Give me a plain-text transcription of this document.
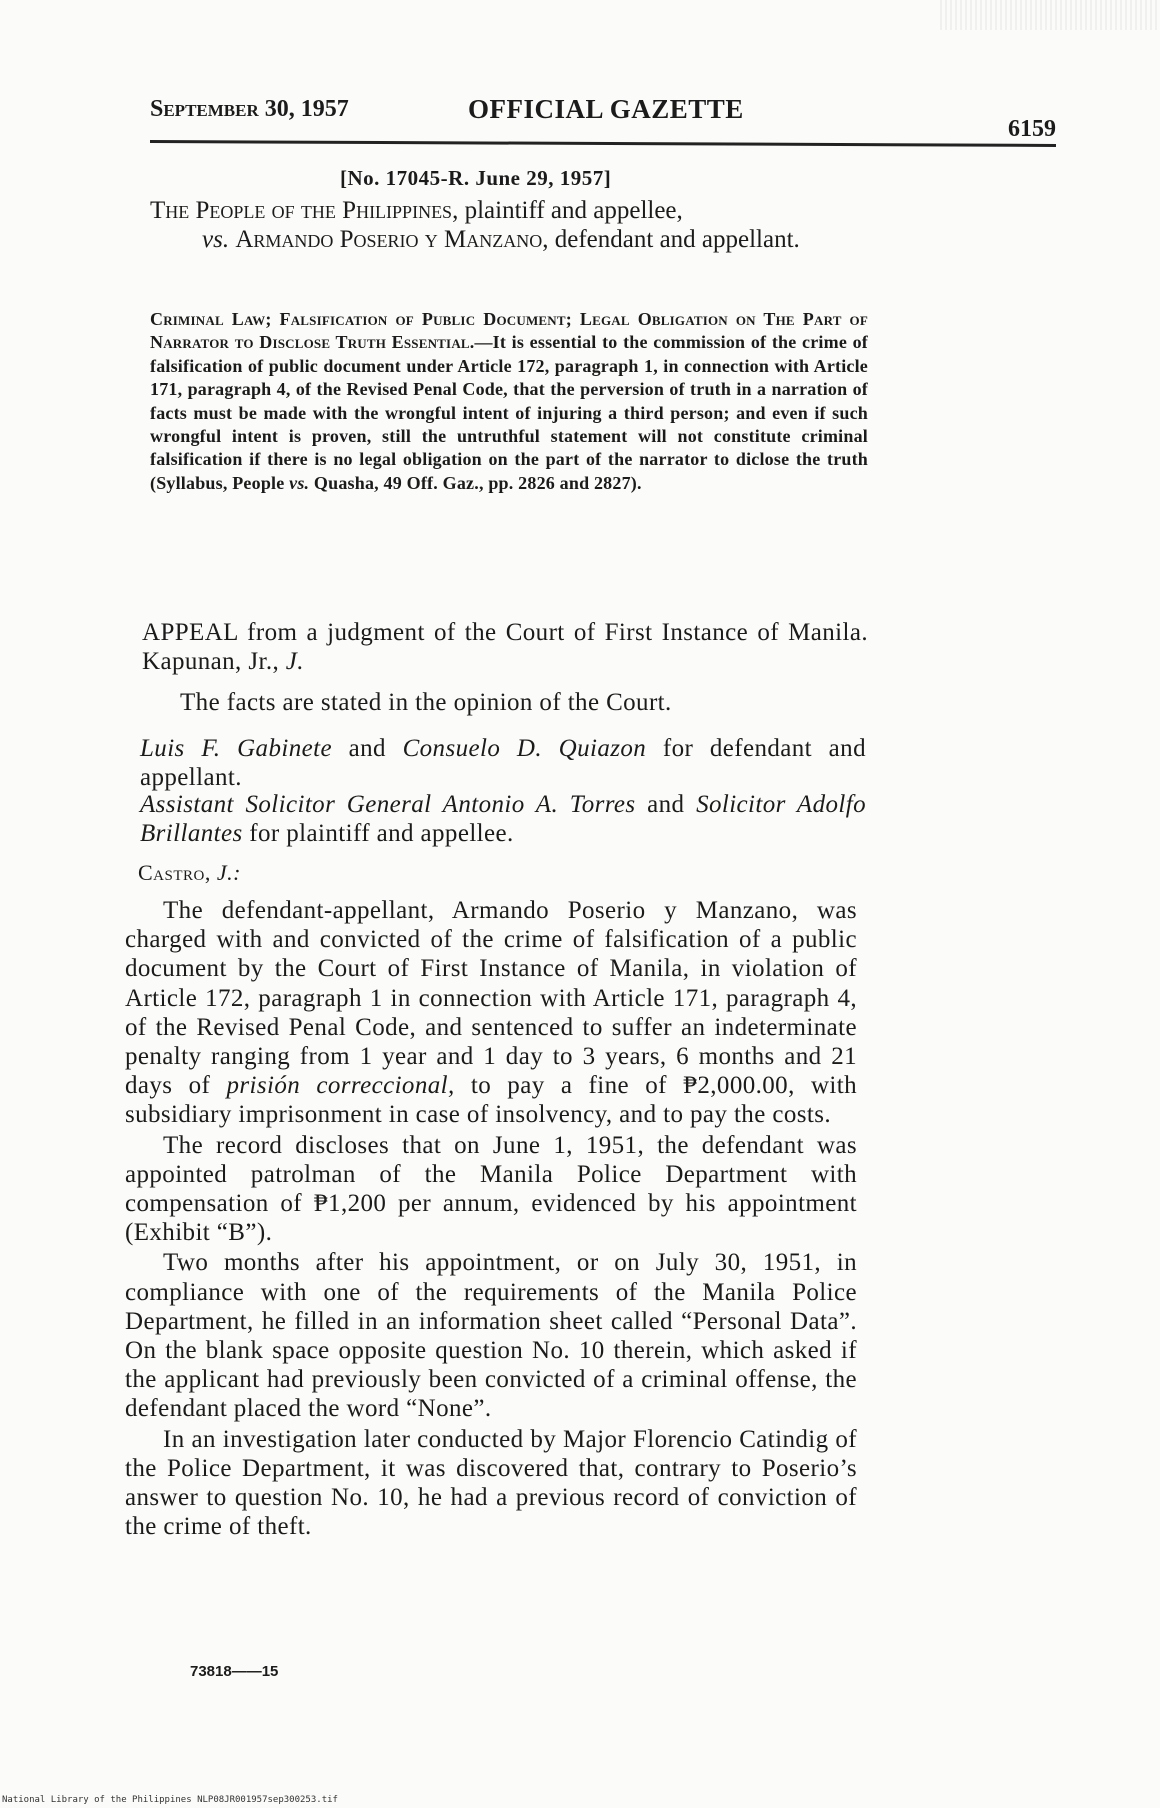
September 30, 1957	OFFICIAL GAZETTE
6159
[No. 17045-R. June 29, 1957]
The People of the Philippines, plaintiff and appellee,
vs. Armando Poserio y Manzano, defendant and appellant.
Criminal Law; Falsification of Public Document; Legal Obligation on The Part of Narrator to Disclose Truth Essential.—It is essential to the commission of the crime of falsification of public document under Article 172, paragraph 1, in connection with Article 171, paragraph 4, of the Revised Penal Code, that the perversion of truth in a narration of facts must be made with the wrongful intent of injuring a third person; and even if such wrongful intent is proven, still the untruthful statement will not constitute criminal falsification if there is no legal obligation on the part of the narrator to diclose the truth (Syllabus, People vs. Quasha, 49 Off. Gaz., pp. 2826 and 2827).
APPEAL from a judgment of the Court of First Instance of Manila. Kapunan, Jr., J.
The facts are stated in the opinion of the Court.
Luis F. Gabinete and Consuelo D. Quiazon for defendant and appellant.
Assistant Solicitor General Antonio A. Torres and Solicitor Adolfo Brillantes for plaintiff and appellee.
Castro, J.:

The defendant-appellant, Armando Poserio y Manzano, was charged with and convicted of the crime of falsification of a public document by the Court of First Instance of Manila, in violation of Article 172, paragraph 1 in connection with Article 171, paragraph 4, of the Revised Penal Code, and sentenced to suffer an indeterminate penalty ranging from 1 year and 1 day to 3 years, 6 months and 21 days of prisión correccional, to pay a fine of ₱2,000.00, with subsidiary imprisonment in case of insolvency, and to pay the costs.

The record discloses that on June 1, 1951, the defendant was appointed patrolman of the Manila Police Department with compensation of ₱1,200 per annum, evidenced by his appointment (Exhibit “B”).

Two months after his appointment, or on July 30, 1951, in compliance with one of the requirements of the Manila Police Department, he filled in an information sheet called “Personal Data”. On the blank space opposite question No. 10 therein, which asked if the applicant had previously been convicted of a criminal offense, the defendant placed the word “None”.

In an investigation later conducted by Major Florencio Catindig of the Police Department, it was discovered that, contrary to Poserio’s answer to question No. 10, he had a previous record of conviction of the crime of theft.

73818——15
National Library of the Philippines NLP08JR001957sep300253.tif
